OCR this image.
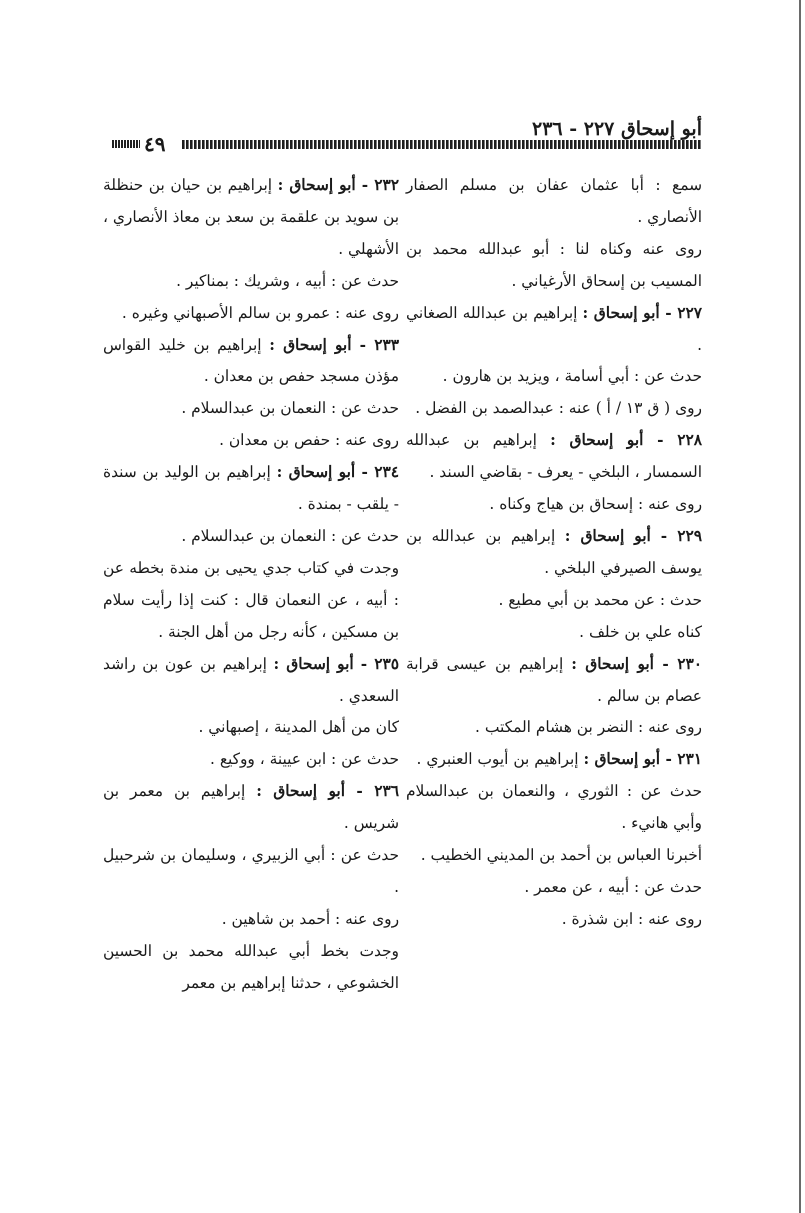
أبو إسحاق ٢٢٧ - ٢٣٦
٤٩

سمع : أبا عثمان عفان بن مسلم الصفار الأنصاري .

روى عنه وكناه لنا : أبو عبدالله محمد بن المسيب بن إسحاق الأرغياني .

٢٢٧ - أبو إسحاق : إبراهيم بن عبدالله الصغاني .

حدث عن : أبي أسامة ، ويزيد بن هارون .

روى ( ق ١٣ / أ ) عنه : عبدالصمد بن الفضل .

٢٢٨ - أبو إسحاق : إبراهيم بن عبدالله السمسار ، البلخي - يعرف - بقاضي السند .

روى عنه : إسحاق بن هياج وكناه .

٢٢٩ - أبو إسحاق : إبراهيم بن عبدالله بن يوسف الصيرفي البلخي .

حدث : عن محمد بن أبي مطيع .

كناه علي بن خلف .

٢٣٠ - أبو إسحاق : إبراهيم بن عيسى قرابة عصام بن سالم .

روى عنه : النضر بن هشام المكتب .

٢٣١ - أبو إسحاق : إبراهيم بن أيوب العنبري .

حدث عن : الثوري ، والنعمان بن عبدالسلام وأبي هانيء .

أخبرنا العباس بن أحمد بن المديني الخطيب .

حدث عن : أبيه ، عن معمر .

روى عنه : ابن شذرة .

٢٣٢ - أبو إسحاق : إبراهيم بن حيان بن حنظلة بن سويد بن علقمة بن سعد بن معاذ الأنصاري ، الأشهلي .

حدث عن : أبيه ، وشريك : بمناكير .

روى عنه : عمرو بن سالم الأصبهاني وغيره .

٢٣٣ - أبو إسحاق : إبراهيم بن خليد القواس مؤذن مسجد حفص بن معدان .

حدث عن : النعمان بن عبدالسلام .

روى عنه : حفص بن معدان .

٢٣٤ - أبو إسحاق : إبراهيم بن الوليد بن سندة - يلقب - بمندة .

حدث عن : النعمان بن عبدالسلام .

وجدت في كتاب جدي يحيى بن مندة بخطه عن : أبيه ، عن النعمان قال : كنت إذا رأيت سلام بن مسكين ، كأنه رجل من أهل الجنة .

٢٣٥ - أبو إسحاق : إبراهيم بن عون بن راشد السعدي .

كان من أهل المدينة ، إصبهاني .

حدث عن : ابن عيينة ، ووكيع .

٢٣٦ - أبو إسحاق : إبراهيم بن معمر بن شريس .

حدث عن : أبي الزبيري ، وسليمان بن شرحبيل .

روى عنه : أحمد بن شاهين .

وجدت بخط أبي عبدالله محمد بن الحسين الخشوعي ، حدثنا إبراهيم بن معمر
